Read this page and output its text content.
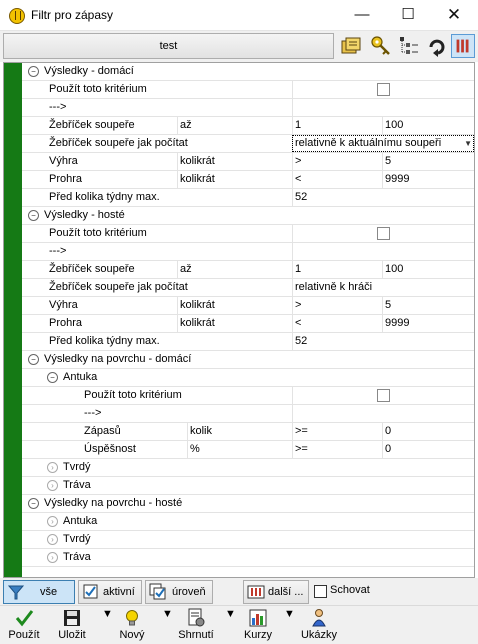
Filtr pro zápasy	—	☐	✕
test
− Výsledky - domácí
Použít toto kritérium
--->
Žebříček soupeře	až	1	100
Žebříček soupeře jak počítat	relativně k aktuálnímu soupeři	▼
Výhra	kolikrát	>	5
Prohra	kolikrát	<	9999
Před kolika týdny max.	52
− Výsledky - hosté
Použít toto kritérium
--->
Žebříček soupeře	až	1	100
Žebříček soupeře jak počítat	relativně k hráči
Výhra	kolikrát	>	5
Prohra	kolikrát	<	9999
Před kolika týdny max.	52
− Výsledky na povrchu - domácí
− Antuka
Použít toto kritérium
--->
Zápasů	kolik	>=	0
Úspěšnost	%	>=	0
› Tvrdý
› Tráva
− Výsledky na povrchu - hosté
› Antuka
› Tvrdý
› Tráva
vše	aktivní	úroveň	další ... Schovat
Použít	Uložit
▼
Nový
▼
Shrnutí
▼
Kurzy
▼
Ukázky
